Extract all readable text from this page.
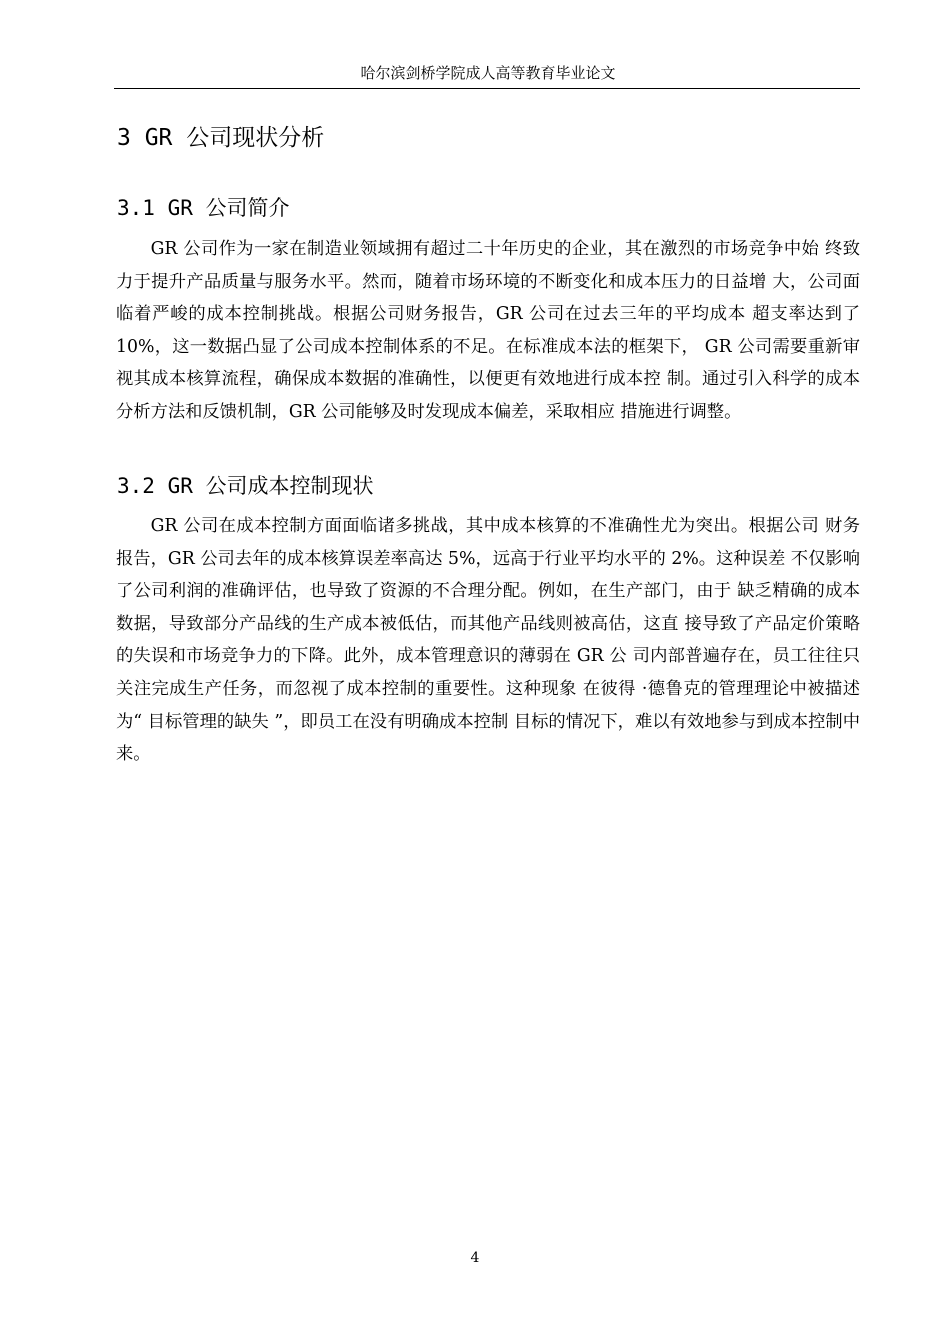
哈尔滨剑桥学院成人高等教育毕业论文
3 GR 公司现状分析
3.1 GR 公司简介

GR 公司作为一家在制造业领域拥有超过二十年历史的企业，其在激烈的市场竞争中始 终致力于提升产品质量与服务水平。然而，随着市场环境的不断变化和成本压力的日益增 大，公司面临着严峻的成本控制挑战。根据公司财务报告，GR 公司在过去三年的平均成本 超支率达到了 10%，这一数据凸显了公司成本控制体系的不足。在标准成本法的框架下， GR 公司需要重新审视其成本核算流程，确保成本数据的准确性，以便更有效地进行成本控 制。通过引入科学的成本分析方法和反馈机制，GR 公司能够及时发现成本偏差，采取相应 措施进行调整。

3.2 GR 公司成本控制现状

GR 公司在成本控制方面面临诸多挑战，其中成本核算的不准确性尤为突出。根据公司 财务报告，GR 公司去年的成本核算误差率高达 5%，远高于行业平均水平的 2%。这种误差 不仅影响了公司利润的准确评估，也导致了资源的不合理分配。例如，在生产部门，由于 缺乏精确的成本数据，导致部分产品线的生产成本被低估，而其他产品线则被高估，这直 接导致了产品定价策略的失误和市场竞争力的下降。此外，成本管理意识的薄弱在 GR 公 司内部普遍存在，员工往往只关注完成生产任务，而忽视了成本控制的重要性。这种现象 在彼得 ·德鲁克的管理理论中被描述为“ 目标管理的缺失 ”，即员工在没有明确成本控制 目标的情况下，难以有效地参与到成本控制中来。

4
